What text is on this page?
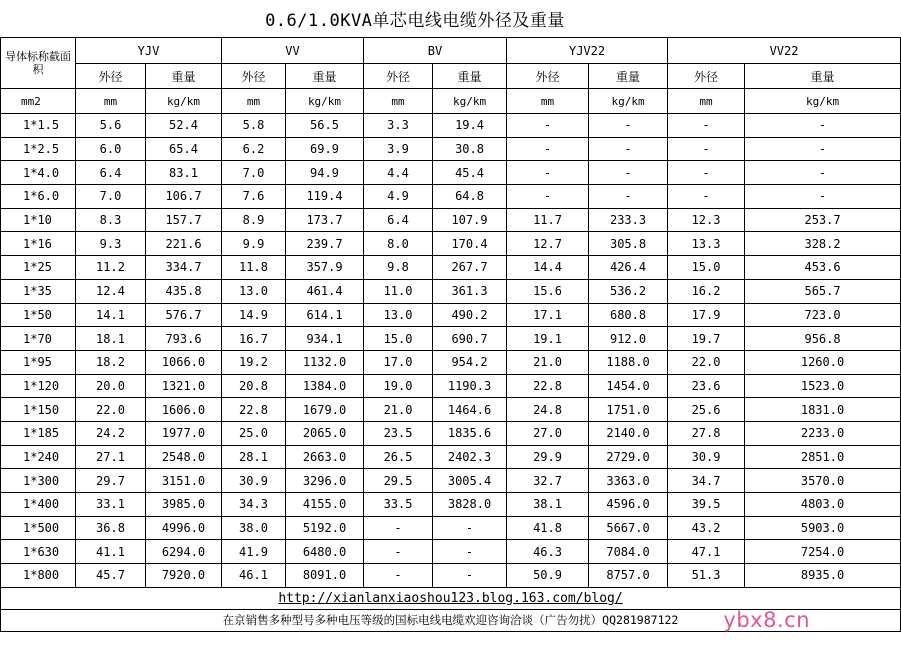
0.6/1.0KVA单芯电线电缆外径及重量
导体标称截面积	YJV		VV		BV		YJV22		VV22	
	外径	重量	外径	重量	外径	重量	外径	重量	外径	重量
mm2	mm	kg/km	mm	kg/km	mm	kg/km	mm	kg/km	mm	kg/km
1*1.5	5.6	52.4	5.8	56.5	3.3	19.4	-	-	-	-
1*2.5	6.0	65.4	6.2	69.9	3.9	30.8	-	-	-	-
1*4.0	6.4	83.1	7.0	94.9	4.4	45.4	-	-	-	-
1*6.0	7.0	106.7	7.6	119.4	4.9	64.8	-	-	-	-
1*10	8.3	157.7	8.9	173.7	6.4	107.9	11.7	233.3	12.3	253.7
1*16	9.3	221.6	9.9	239.7	8.0	170.4	12.7	305.8	13.3	328.2
1*25	11.2	334.7	11.8	357.9	9.8	267.7	14.4	426.4	15.0	453.6
1*35	12.4	435.8	13.0	461.4	11.0	361.3	15.6	536.2	16.2	565.7
1*50	14.1	576.7	14.9	614.1	13.0	490.2	17.1	680.8	17.9	723.0
1*70	18.1	793.6	16.7	934.1	15.0	690.7	19.1	912.0	19.7	956.8
1*95	18.2	1066.0	19.2	1132.0	17.0	954.2	21.0	1188.0	22.0	1260.0
1*120	20.0	1321.0	20.8	1384.0	19.0	1190.3	22.8	1454.0	23.6	1523.0
1*150	22.0	1606.0	22.8	1679.0	21.0	1464.6	24.8	1751.0	25.6	1831.0
1*185	24.2	1977.0	25.0	2065.0	23.5	1835.6	27.0	2140.0	27.8	2233.0
1*240	27.1	2548.0	28.1	2663.0	26.5	2402.3	29.9	2729.0	30.9	2851.0
1*300	29.7	3151.0	30.9	3296.0	29.5	3005.4	32.7	3363.0	34.7	3570.0
1*400	33.1	3985.0	34.3	4155.0	33.5	3828.0	38.1	4596.0	39.5	4803.0
1*500	36.8	4996.0	38.0	5192.0	-	-	41.8	5667.0	43.2	5903.0
1*630	41.1	6294.0	41.9	6480.0	-	-	46.3	7084.0	47.1	7254.0
1*800	45.7	7920.0	46.1	8091.0	-	-	50.9	8757.0	51.3	8935.0
http://xianlanxiaoshou123.blog.163.com/blog/										
在京销售多种型号多种电压等级的国标电线电缆欢迎咨询洽谈（广告勿扰）QQ281987122										ybx8.cn
